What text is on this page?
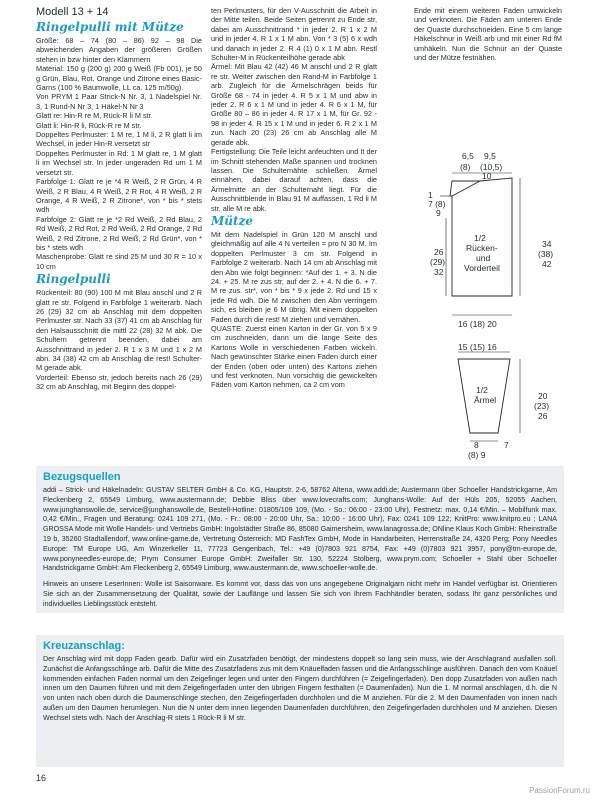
Modell 13 + 14
Ringelpulli mit Mütze

Größe: 68 – 74 (80 – 86) 92 – 98 Die abweichenden Angaben der größeren Größen stehen in bzw hinter den Klammern

Material: 150 g (200 g) 200 g Weiß (Fb 001), je 50 g Grün, Blau, Rot, Orange und Zitrone eines Basic-Garns (100 % Baumwolle, LL ca. 125 m/50g).

Von PRYM 1 Paar Strick-N Nr. 3, 1 Nadelspiel Nr. 3, 1 Rund-N Nr 3, 1 Häkel-N Nr 3

Glatt re: Hin-R re M, Rück-R li M str.

Glatt li: Hin-R li, Rück-R re M str.

Doppeltes Perlmuster: 1 M re, 1 M li, 2 R glatt li im Wechsel, in jeder Hin-R versetzt str

Doppeltes Perlmuster in Rd: 1 M glatt re, 1 M glatt li im Wechsel str. In jeder ungeraden Rd um 1 M versetzt str.

Farbfolge 1: Glatt re je *4 R Weiß, 2 R Grün, 4 R Weiß, 2 R Blau, 4 R Weiß, 2 R Rot, 4 R Weiß, 2 R Orange, 4 R Weiß, 2 R Zitrone*, von * bis * stets wdh

Farbfolge 2: Glatt re je *2 Rd Weiß, 2 Rd Blau, 2 Rd Weiß, 2 Rd Rot, 2 Rd Weiß, 2 Rd Orange, 2 Rd Weiß, 2 Rd Zitrone, 2 Rd Weiß, 2 Rd Grün*, von * bis * stets wdh

Maschenprobe: Glatt re sind 25 M und 30 R = 10 x 10 cm

Ringelpulli

Rückenteil: 80 (90) 100 M mit Blau anschl und 2 R glatt re str. Folgend in Farbfolge 1 weiterarb. Nach 26 (29) 32 cm ab Anschlag mit dem doppelten Perlmuster str. Nach 33 (37) 41 cm ab Anschlag für den Halsausschnitt die mittl 22 (28) 32 M abk. Die Schultern getrennt beenden, dabei am Ausschnittrand in jeder 2. R 1 x 3 M und 1 x 2 M abn. 34 (38) 42 cm ab Anschlag die rest! Schulter-M gerade abk.

Vorderteil: Ebenso str, jedoch bereits nach 26 (29) 32 cm ab Anschlag, mit Beginn des doppel-

ten Perlmusters, für den V-Ausschnitt die Arbeit in der Mitte teilen. Beide Seiten getrennt zu Ende str, dabei am Ausschnittrand * in jeder 2. R 1 x 2 M und in jeder 4. R 1 x 1 M abn. Von * 3 (5) 6 x wdh und danach in jeder 2. R 4 (1) 0 x 1 M abn. Restl Schulter-M in Rückenteilhöhe gerade abk

Ärmel: Mit Blau 42 (42) 46 M anschl und 2 R glatt re str. Weiter zwischen den Rand-M in Farbfolge 1 arb. Zugleich für die Ärmelschrägen beids für Größe 68 - 74 in jeder 4. R 5 x 1 M und abw in jeder 2. R 6 x 1 M und in jeder 4. R 6 x 1 M, für Größe 80 – 86 in jeder 4. R 17 x 1 M, für Gr. 92 - 98 in jeder 4. R 15 x 1 M und in jeder 6. R 2 x 1 M zun. Nach 20 (23) 26 cm ab Anschlag alle M gerade abk.

Fertigstellung: Die Teile leicht anfeuchten und It der im Schnitt stehenden Maße spannen und trocknen lassen. Die Schulternähte schließen. Ärmel einnähen, dabei darauf achten, dass die Ärmelmitte an der Schulternaht liegt. Für die Ausschnittblende in Blau 91 M auffassen, 1 Rd li M str, alle M re abk.

Mütze

Mit dem Nadelspiel in Grün 120 M anschl und gleichmäßig auf alle 4 N verteilen = pro N 30 M. Im doppelten Perlmuster 3 cm str. Folgend in Farbfolge 2 weiterarb. Nach 14 cm ab Anschlag mit den Abn wie folgt beginnen: *Auf der 1. + 3. N die 24. + 25. M re zus str, auf der 2. + 4. N die 6. + 7. M re zus. str*, von * bis * 9 x jede 2. Rd und 15 x jede Rd wdh. Die M zwischen den Abn verringern sich, es bleiben je 6 M übrig. Mit einem doppelten Faden durch die rest! M ziehen und vernähen.

QUASTE: Zuerst einen Karton in der Gr. von 5 x 9 cm zuschneiden, dann um die lange Seite des Kartons Wolle in verschiedenen Farben wickeln. Nach gewünschter Stärke einen Faden durch einer der Enden (oben oder unten) des Kartons ziehen und fest verknoten. Nun vorsichtig die gewickelten Fäden vom Karton nehmen, ca 2 cm vom

Ende mit einem weiteren Faden umwickeln und verknoten. Die Fäden am unteren Ende der Quaste durchschneiden. Eine 5 cm lange Häkelschnur in Weiß arb und mit einer Rd fM umhäkeln. Nun die Schnur an der Quaste und der Mütze festnähen.

6,5 9,5
(8) (10,5)
10
1
7 (8)
9
26
(29)
32
1/2
Rücken-
und
Vorderteil
34
(38)
42
16 (18) 20
15 (15) 16
1/2
Ärmel	20
(23)
26
8
(8) 9
7
Bezugsquellen
addi – Strick- und Häkelnadeln: GUSTAV SELTER GmbH & Co. KG, Hauptstr. 2-6, 58762 Altena, www.addi.de; Austermann über Schoeller Handstrickgarne, Am Fleckenberg 2, 65549 Limburg, www.austermann.de; Debbie Bliss über www.lovecrafts.com; Junghans-Wolle: Auf der Hüls 205, 52055 Aachen, www.junghanswolle.de, service@junghanswolle.de, Bestell-Hotline: 01805/109 109, (Mo. - So.: 06:00 - 23:00 Uhr), Festnetz: max. 0,14 €/Min. – Mobilfunk max. 0,42 €/Min., Fragen und Beratung: 0241 109 271, (Mo. - Fr.: 08:00 - 20:00 Uhr, Sa.: 10:00 - 16:00 Uhr), Fax: 0241 109 122; KnitPro: www.knitpro.eu ; LANA GROSSA Mode mit Wolle Handels- und Vertriebs GmbH: Ingolstädter Straße 86, 85080 Gaimersheim, www.lanagrossa.de; ONline Klaus Koch GmbH: Rheinstraße 19 b, 35260 Stadtallendorf, www.online-garne.de, Vertretung Österreich: MD FashTex GmbH, Mode in Handarbeiten, Herrenstraße 24, 4320 Perg; Pony Needles Europe: TM Europe UG, Am Winzerkeller 11, 77723 Gengenbach, Tel.: +49 (0)7803 921 8754, Fax: +49 (0)7803 921 3957, pony@tm-europe.de, www.ponyneedles-europe.de; Prym Consumer Europe GmbH: Zweifaller Str. 130, 52224 Stolberg, www.prym.com; Schoeller + Stahl über Schoeller Handstrickgarne GmbH: Am Fleckenberg 2, 65549 Limburg, www.austermann.de, www.schoeller-wolle.de.
Hinweis an unsere LeserInnen: Wolle ist Saisonware. Es kommt vor, dass das von uns angegebene Originalgarn nicht mehr im Handel verfügbar ist. Orientieren Sie sich an der Zusammensetzung der Qualität, sowie der Lauflänge und lassen Sie sich von Ihrem Fachhändler beraten, sodass Ihr ganz persönliches und individuelles Lieblingsstück entsteht.
Kreuzanschlag:
Der Anschlag wird mit dopp Faden gearb. Dafür wird ein Zusatzfaden benötigt, der mindestens doppelt so lang sein muss, wie der Anschlagrand ausfallen soll. Zunächst die Anfangsschlinge arb. Dafür die Mitte des Zusatzfadens zus mit dem Knäuelfaden fassen und die Anfangsschlinge ausführen. Danach den vom Knäuel kommenden einfachen Faden normal um den Zeigefinger legen und unter den Fingern durchführen (= Zeigefingerfaden). Den dopp Zusatzfaden von außen nach innen um den Daumen führen und mit dem Zeigefingerfaden unter den übrigen Fingern festhalten (= Daumenfaden). Nun die 1. M normal anschlagen, d.h. die N von unten nach oben durch die Daumenschlinge stechen, den Zeigefingerfaden durchholen und die M anziehen. Für die 2. M den Daumenfaden von innen nach außen um den Daumen herumlegen. Nun die N unter dem innen liegenden Daumenfaden durchführen, den Zeigefingerfaden durchholen und M anziehen. Diesen Wechsel stets wdh. Nach der Anschlag-R stets 1 Rück-R li M str.
16
PassionForum.ru
